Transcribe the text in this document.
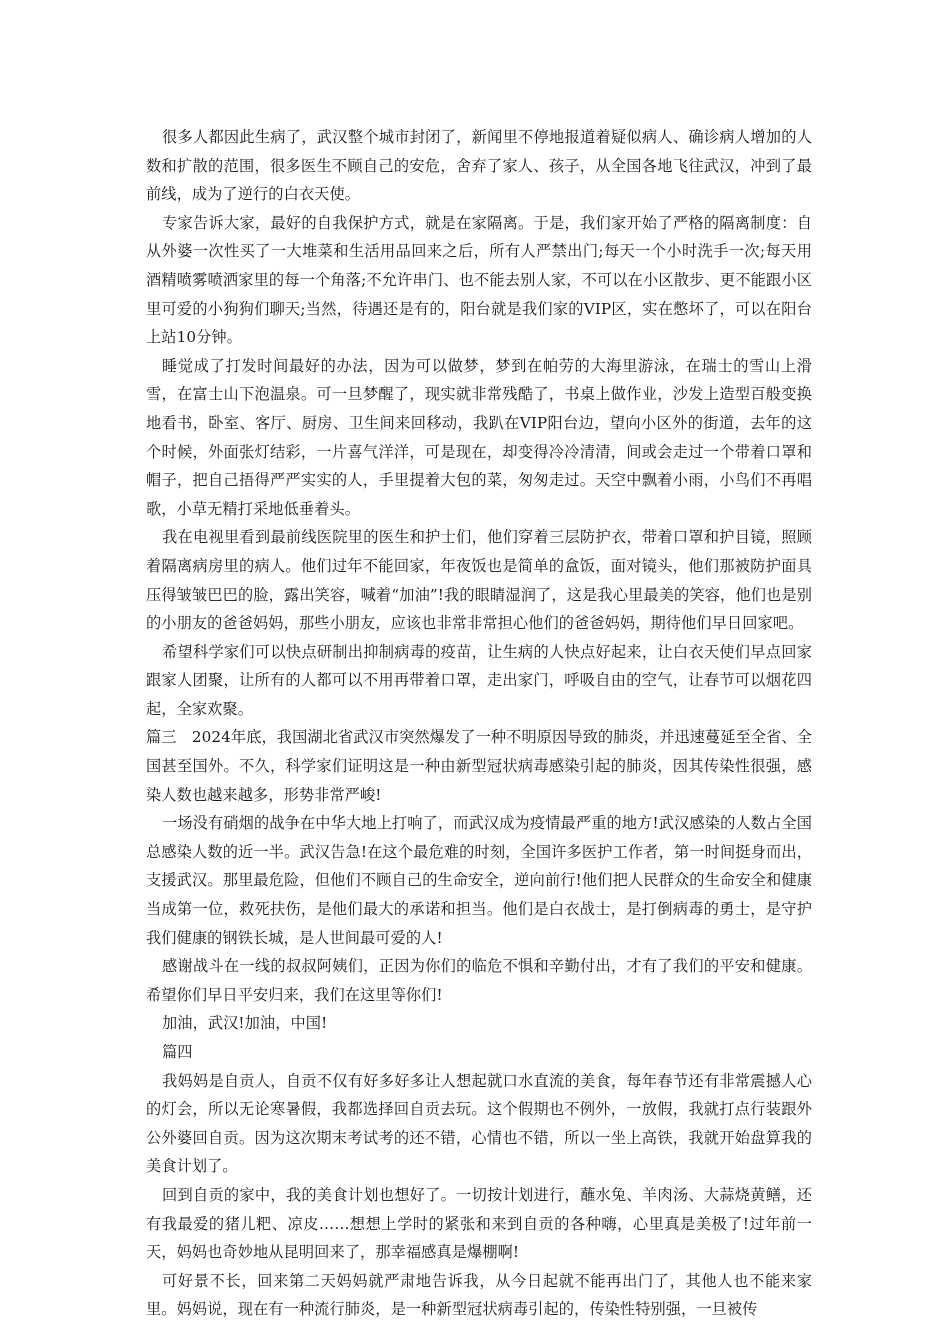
很多人都因此生病了，武汉整个城市封闭了，新闻里不停地报道着疑似病人、确诊病人增加的人数和扩散的范围，很多医生不顾自己的安危，舍弃了家人、孩子，从全国各地飞往武汉，冲到了最前线，成为了逆行的白衣天使。

专家告诉大家，最好的自我保护方式，就是在家隔离。于是，我们家开始了严格的隔离制度：自从外婆一次性买了一大堆菜和生活用品回来之后，所有人严禁出门;每天一个小时洗手一次;每天用酒精喷雾喷洒家里的每一个角落;不允许串门、也不能去别人家，不可以在小区散步、更不能跟小区里可爱的小狗狗们聊天;当然，待遇还是有的，阳台就是我们家的VIP区，实在憋坏了，可以在阳台上站10分钟。

睡觉成了打发时间最好的办法，因为可以做梦，梦到在帕劳的大海里游泳，在瑞士的雪山上滑雪，在富士山下泡温泉。可一旦梦醒了，现实就非常残酷了，书桌上做作业，沙发上造型百般变换地看书，卧室、客厅、厨房、卫生间来回移动，我趴在VIP阳台边，望向小区外的街道，去年的这个时候，外面张灯结彩，一片喜气洋洋，可是现在，却变得冷冷清清，间或会走过一个带着口罩和帽子，把自己捂得严严实实的人，手里提着大包的菜，匆匆走过。天空中飘着小雨，小鸟们不再唱歌，小草无精打采地低垂着头。

我在电视里看到最前线医院里的医生和护士们，他们穿着三层防护衣，带着口罩和护目镜，照顾着隔离病房里的病人。他们过年不能回家，年夜饭也是简单的盒饭，面对镜头，他们那被防护面具压得皱皱巴巴的脸，露出笑容，喊着“加油”!我的眼睛湿润了，这是我心里最美的笑容，他们也是别的小朋友的爸爸妈妈，那些小朋友，应该也非常非常担心他们的爸爸妈妈，期待他们早日回家吧。

希望科学家们可以快点研制出抑制病毒的疫苗，让生病的人快点好起来，让白衣天使们早点回家跟家人团聚，让所有的人都可以不用再带着口罩，走出家门，呼吸自由的空气，让春节可以烟花四起，全家欢聚。

篇三　2024年底，我国湖北省武汉市突然爆发了一种不明原因导致的肺炎，并迅速蔓延至全省、全国甚至国外。不久，科学家们证明这是一种由新型冠状病毒感染引起的肺炎，因其传染性很强，感染人数也越来越多，形势非常严峻!

一场没有硝烟的战争在中华大地上打响了，而武汉成为疫情最严重的地方!武汉感染的人数占全国总感染人数的近一半。武汉告急!在这个最危难的时刻，全国许多医护工作者，第一时间挺身而出，支援武汉。那里最危险，但他们不顾自己的生命安全，逆向前行!他们把人民群众的生命安全和健康当成第一位，救死扶伤，是他们最大的承诺和担当。他们是白衣战士，是打倒病毒的勇士，是守护我们健康的钢铁长城，是人世间最可爱的人!

感谢战斗在一线的叔叔阿姨们，正因为你们的临危不惧和辛勤付出，才有了我们的平安和健康。希望你们早日平安归来，我们在这里等你们!

加油，武汉!加油，中国!

篇四

我妈妈是自贡人，自贡不仅有好多好多让人想起就口水直流的美食，每年春节还有非常震撼人心的灯会，所以无论寒暑假，我都选择回自贡去玩。这个假期也不例外，一放假，我就打点行装跟外公外婆回自贡。因为这次期末考试考的还不错，心情也不错，所以一坐上高铁，我就开始盘算我的美食计划了。

回到自贡的家中，我的美食计划也想好了。一切按计划进行，蘸水兔、羊肉汤、大蒜烧黄鳝，还有我最爱的猪儿粑、凉皮……想想上学时的紧张和来到自贡的各种嗨，心里真是美极了!过年前一天，妈妈也奇妙地从昆明回来了，那幸福感真是爆棚啊!

可好景不长，回来第二天妈妈就严肃地告诉我，从今日起就不能再出门了，其他人也不能来家里。妈妈说，现在有一种流行肺炎，是一种新型冠状病毒引起的，传染性特别强，一旦被传
